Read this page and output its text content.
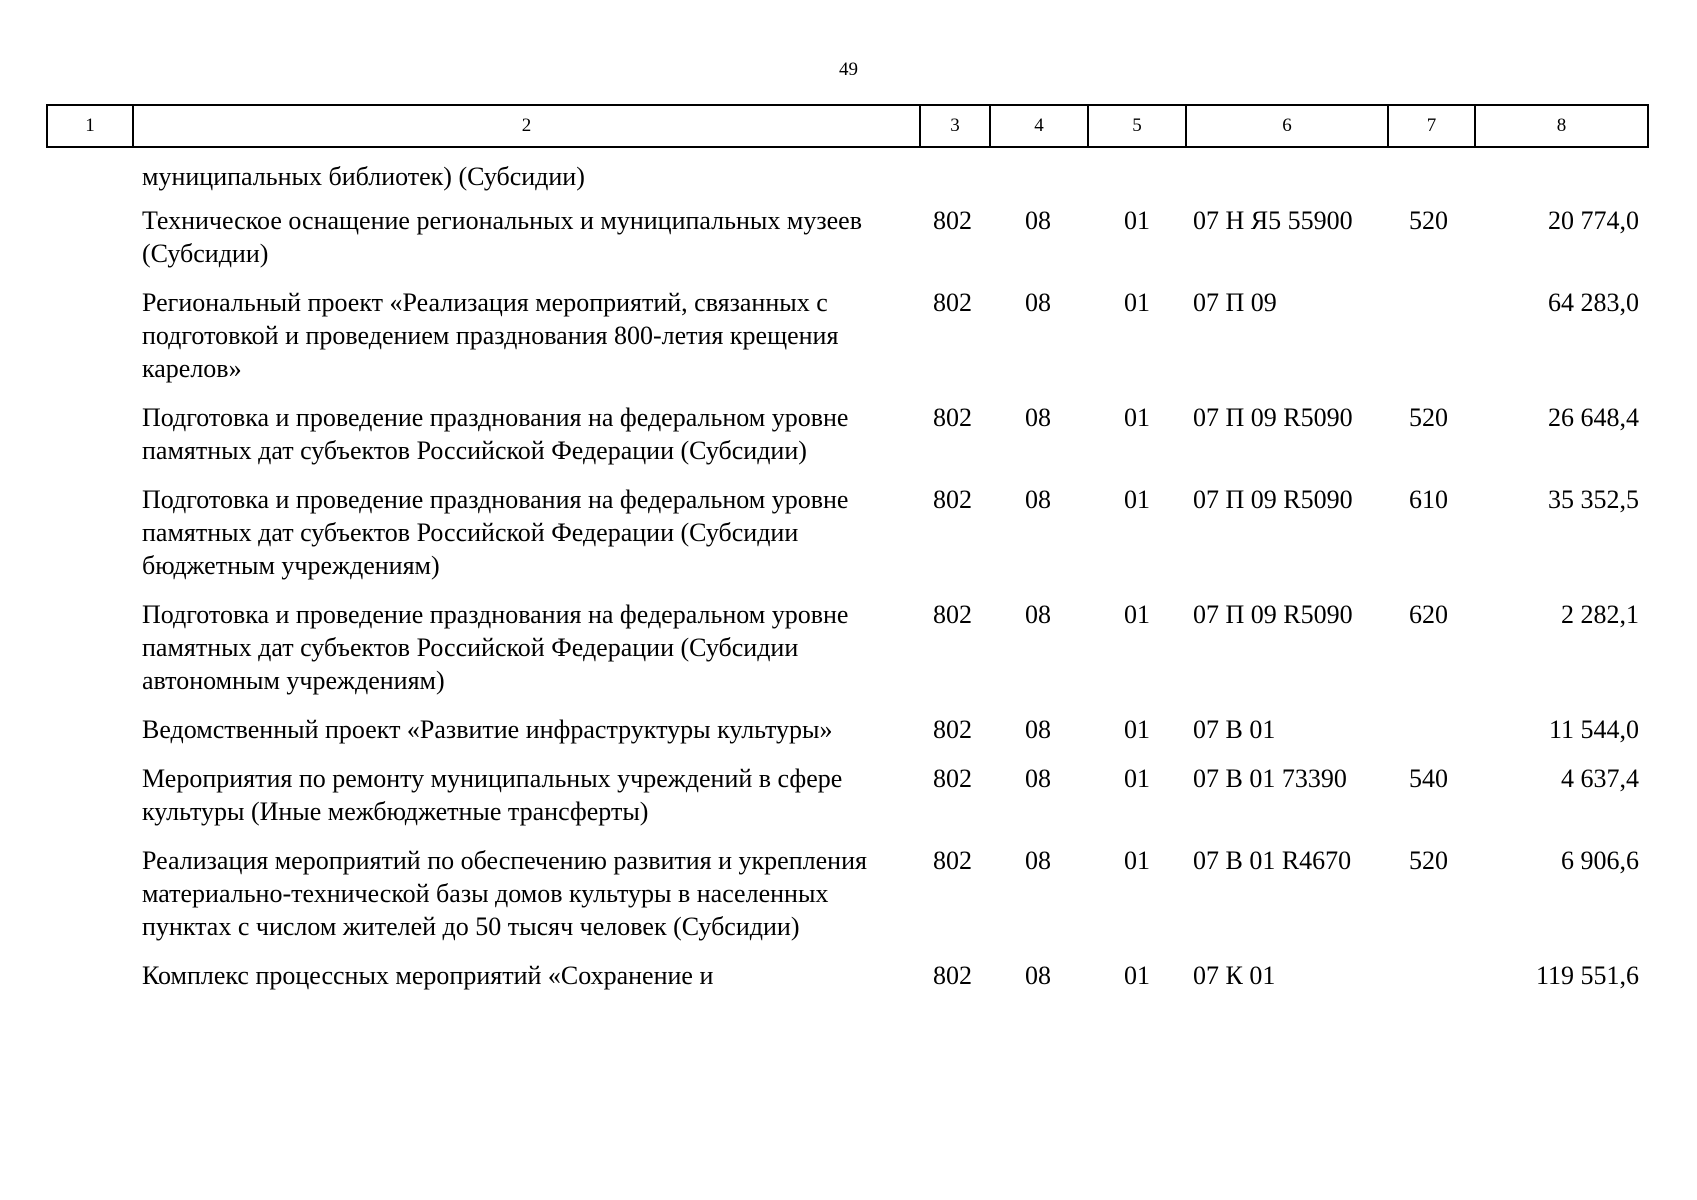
49
1	2	3	4	5	6	7	8
муниципальных библиотек) (Субсидии)						
Техническое оснащение региональных и муниципальных музеев (Субсидии)	802	08	01	07 Н Я5 55900	520	20 774,0
Региональный проект «Реализация мероприятий, связанных с подготовкой и проведением празднования 800-летия крещения карелов»	802	08	01	07 П 09		64 283,0
Подготовка и проведение празднования на федеральном уровне памятных дат субъектов Российской Федерации (Субсидии)	802	08	01	07 П 09 R5090	520	26 648,4
Подготовка и проведение празднования на федеральном уровне памятных дат субъектов Российской Федерации (Субсидии бюджетным учреждениям)	802	08	01	07 П 09 R5090	610	35 352,5
Подготовка и проведение празднования на федеральном уровне памятных дат субъектов Российской Федерации (Субсидии автономным учреждениям)	802	08	01	07 П 09 R5090	620	2 282,1
Ведомственный проект «Развитие инфраструктуры культуры»	802	08	01	07 В 01		11 544,0
Мероприятия по ремонту муниципальных учреждений в сфере культуры (Иные межбюджетные трансферты)	802	08	01	07 В 01 73390	540	4 637,4
Реализация мероприятий по обеспечению развития и укрепления материально-технической базы домов культуры в населенных пунктах с числом жителей до 50 тысяч человек (Субсидии)	802	08	01	07 В 01 R4670	520	6 906,6
Комплекс процессных мероприятий «Сохранение и	802	08	01	07 К 01		119 551,6
